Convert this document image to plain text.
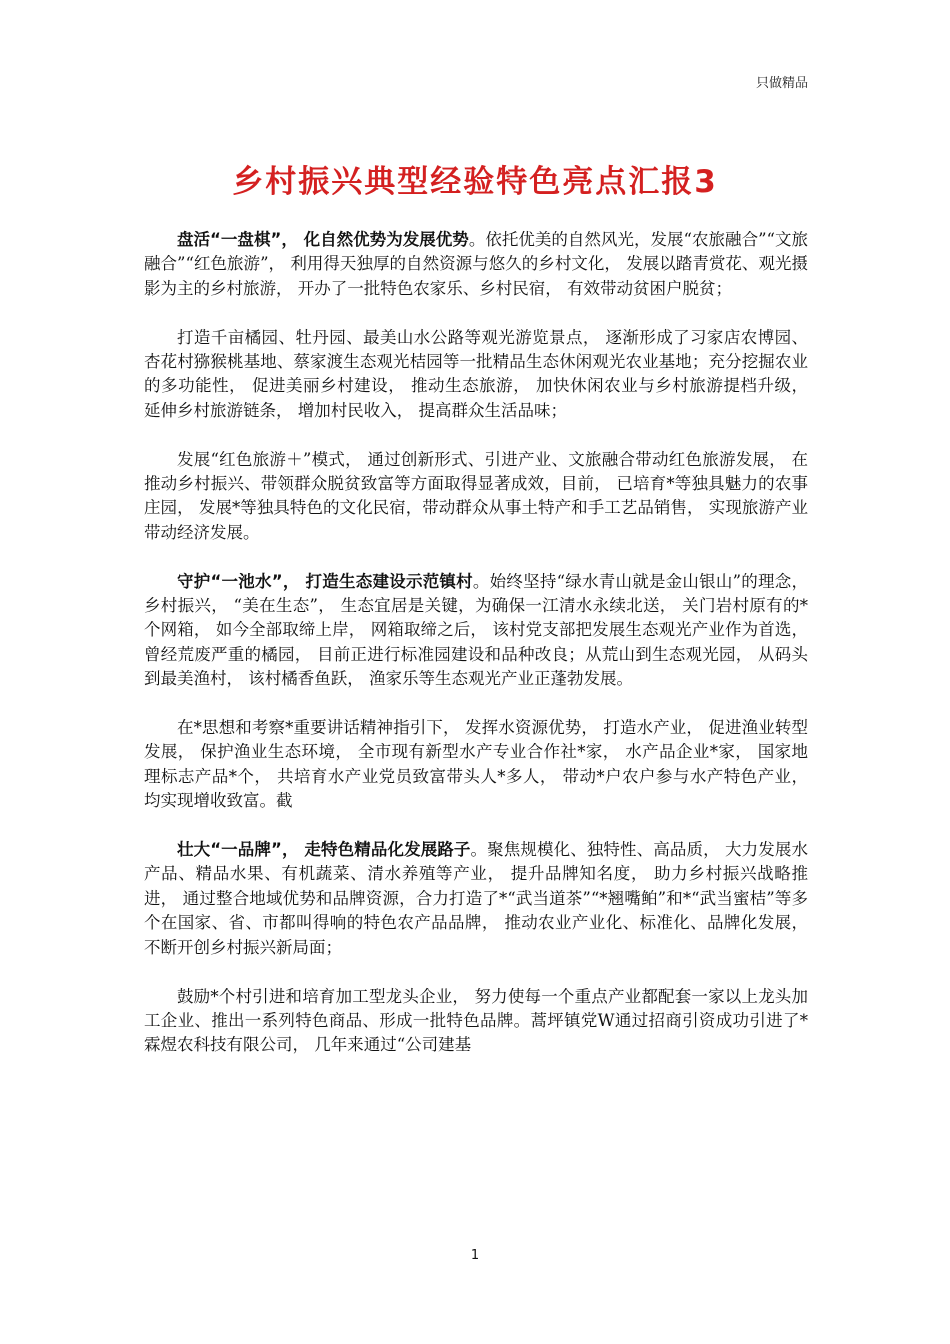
只做精品
乡村振兴典型经验特色亮点汇报3

盘活“一盘棋”， 化自然优势为发展优势。依托优美的自然风光，发展“农旅融合”“文旅融合”“红色旅游”， 利用得天独厚的自然资源与悠久的乡村文化， 发展以踏青赏花、观光摄影为主的乡村旅游， 开办了一批特色农家乐、乡村民宿， 有效带动贫困户脱贫；

打造千亩橘园、牡丹园、最美山水公路等观光游览景点， 逐渐形成了习家店农博园、杏花村猕猴桃基地、蔡家渡生态观光桔园等一批精品生态休闲观光农业基地；充分挖掘农业的多功能性， 促进美丽乡村建设， 推动生态旅游， 加快休闲农业与乡村旅游提档升级， 延伸乡村旅游链条， 增加村民收入， 提高群众生活品味；

发展“红色旅游＋”模式， 通过创新形式、引进产业、文旅融合带动红色旅游发展， 在推动乡村振兴、带领群众脱贫致富等方面取得显著成效，目前， 已培育*等独具魅力的农事庄园， 发展*等独具特色的文化民宿，带动群众从事土特产和手工艺品销售， 实现旅游产业带动经济发展。

守护“一池水”， 打造生态建设示范镇村。始终坚持“绿水青山就是金山银山”的理念， 乡村振兴， “美在生态”， 生态宜居是关键，为确保一江清水永续北送， 关门岩村原有的*个网箱， 如今全部取缔上岸， 网箱取缔之后， 该村党支部把发展生态观光产业作为首选， 曾经荒废严重的橘园， 目前正进行标准园建设和品种改良；从荒山到生态观光园， 从码头到最美渔村， 该村橘香鱼跃， 渔家乐等生态观光产业正蓬勃发展。

在*思想和考察*重要讲话精神指引下， 发挥水资源优势， 打造水产业， 促进渔业转型发展， 保护渔业生态环境， 全市现有新型水产专业合作社*家， 水产品企业*家， 国家地理标志产品*个， 共培育水产业党员致富带头人*多人， 带动*户农户参与水产特色产业， 均实现增收致富。截

壮大“一品牌”， 走特色精品化发展路子。聚焦规模化、独特性、高品质， 大力发展水产品、精品水果、有机蔬菜、清水养殖等产业， 提升品牌知名度， 助力乡村振兴战略推进， 通过整合地域优势和品牌资源，合力打造了*“武当道茶”“*翘嘴鲌”和*“武当蜜桔”等多个在国家、省、市都叫得响的特色农产品品牌， 推动农业产业化、标准化、品牌化发展，不断开创乡村振兴新局面；

鼓励*个村引进和培育加工型龙头企业， 努力使每一个重点产业都配套一家以上龙头加工企业、推出一系列特色商品、形成一批特色品牌。蒿坪镇党W通过招商引资成功引进了*霖煜农科技有限公司， 几年来通过“公司建基

1
